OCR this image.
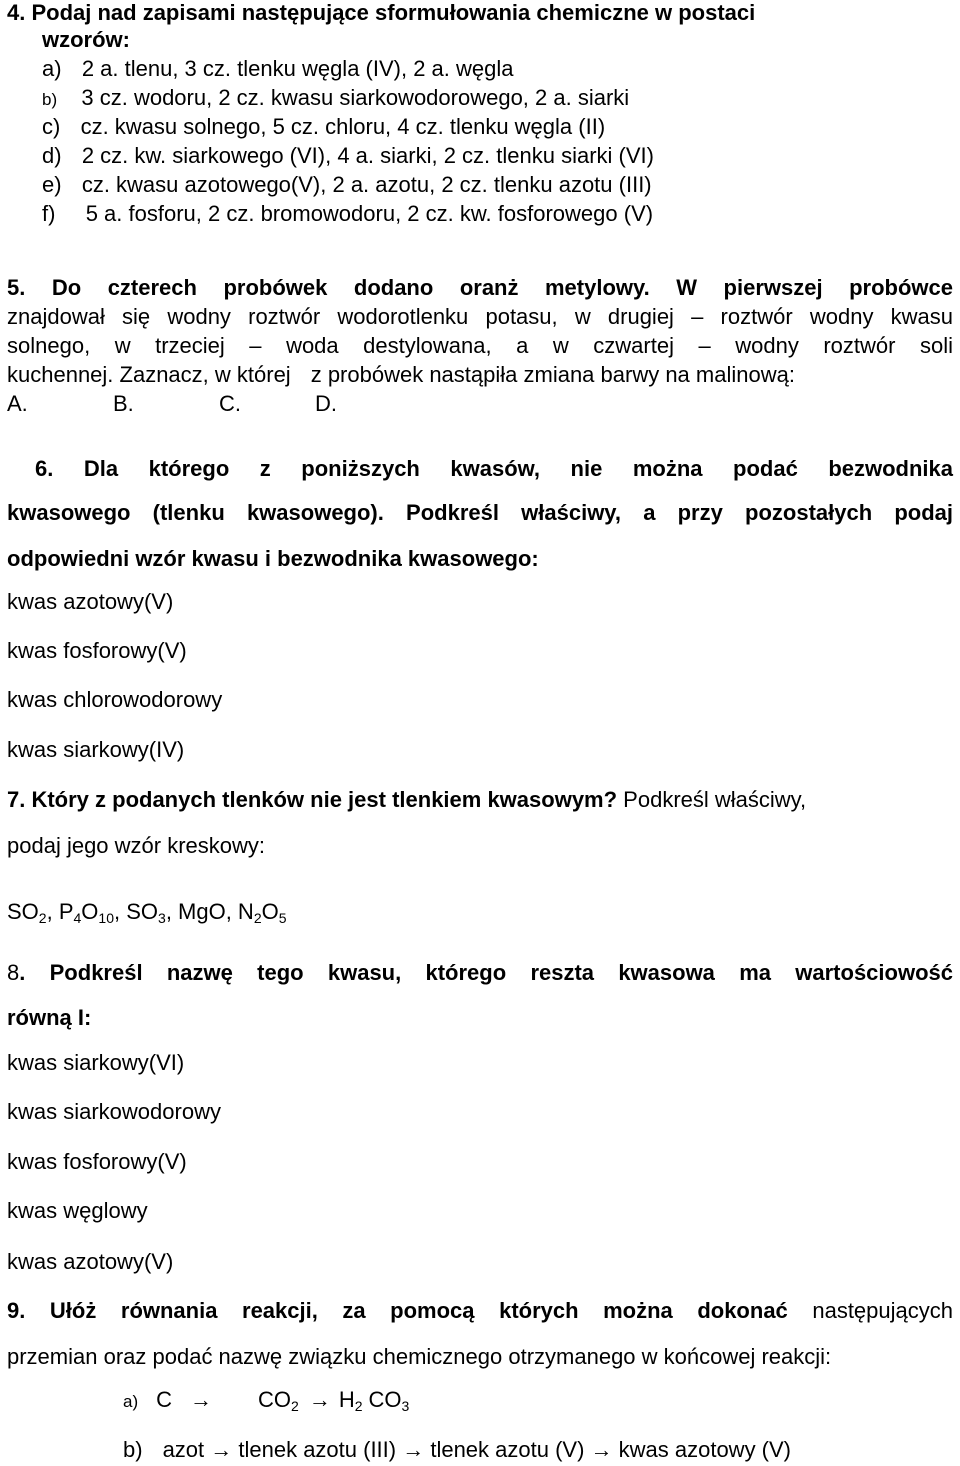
4. Podaj nad zapisami następujące sformułowania chemiczne w postaci
wzorów:
a) 2 a. tlenu, 3 cz. tlenku węgla (IV), 2 a. węgla
b) 3 cz. wodoru, 2 cz. kwasu siarkowodorowego, 2 a. siarki
c) cz. kwasu solnego, 5 cz. chloru, 4 cz. tlenku węgla (II)
d) 2 cz. kw. siarkowego (VI), 4 a. siarki, 2 cz. tlenku siarki (VI)
e) cz. kwasu azotowego(V), 2 a. azotu, 2 cz. tlenku azotu (III)
f) 5 a. fosforu, 2 cz. bromowodoru, 2 cz. kw. fosforowego (V)
5. Do czterech probówek dodano oranż metylowy. W pierwszej probówce
znajdował się wodny roztwór wodorotlenku potasu, w drugiej – roztwór wodny kwasu
solnego, w trzeciej – woda destylowana, a w czwartej – wodny roztwór soli
kuchennej. Zaznacz, w której z probówek nastąpiła zmiana barwy na malinową:
A.	B.	C.	D.
6. Dla którego z poniższych kwasów, nie można podać bezwodnika
kwasowego (tlenku kwasowego). Podkreśl właściwy, a przy pozostałych podaj
odpowiedni wzór kwasu i bezwodnika kwasowego:
kwas azotowy(V)
kwas fosforowy(V)
kwas chlorowodorowy
kwas siarkowy(IV)
7. Który z podanych tlenków nie jest tlenkiem kwasowym? Podkreśl właściwy,
podaj jego wzór kreskowy:
$SO_2$, $P_4O_{10}$, $SO_3$, MgO, $N_2O_5$
8. Podkreśl nazwę tego kwasu, którego reszta kwasowa ma wartościowość
równą I:
kwas siarkowy(VI)
kwas siarkowodorowy
kwas fosforowy(V)
kwas węglowy
kwas azotowy(V)
9. Ułóż równania reakcji, za pomocą których można dokonać następujących
przemian oraz podać nazwę związku chemicznego otrzymanego w końcowej reakcji:
a) $C \to CO_2 \to H_2$ $CO_3$
b) azot → tlenek azotu (III) → tlenek azotu (V) → kwas azotowy (V)
